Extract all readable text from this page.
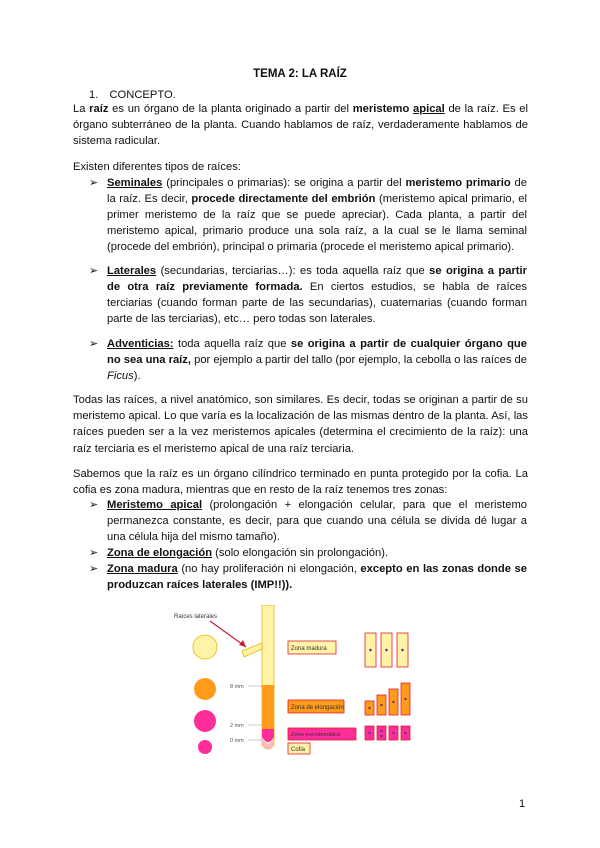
TEMA 2: LA RAÍZ
1. CONCEPTO.

La raíz es un órgano de la planta originado a partir del meristemo apical de la raíz. Es el órgano subterráneo de la planta. Cuando hablamos de raíz, verdaderamente hablamos de sistema radicular.

Existen diferentes tipos de raíces:

➢ Seminales (principales o primarias): se origina a partir del meristemo primario de la raíz. Es decir, procede directamente del embrión (meristemo apical primario, el primer meristemo de la raíz que se puede apreciar). Cada planta, a partir del meristemo apical, primario produce una sola raíz, a la cual se le llama seminal (procede del embrión), principal o primaria (procede el meristemo apical primario).

➢ Laterales (secundarias, terciarias…): es toda aquella raíz que se origina a partir de otra raíz previamente formada. En ciertos estudios, se habla de raíces terciarias (cuando forman parte de las secundarias), cuaternarias (cuando forman parte de las terciarias), etc… pero todas son laterales.

➢ Adventicias: toda aquella raíz que se origina a partir de cualquier órgano que no sea una raíz, por ejemplo a partir del tallo (por ejemplo, la cebolla o las raíces de Ficus).

Todas las raíces, a nivel anatómico, son similares. Es decir, todas se originan a partir de su meristemo apical. Lo que varía es la localización de las mismas dentro de la planta. Así, las raíces pueden ser a la vez meristemos apicales (determina el crecimiento de la raíz): una raíz terciaria es el meristemo apical de una raíz terciaria.

Sabemos que la raíz es un órgano cilíndrico terminado en punta protegido por la cofia. La cofia es zona madura, mientras que en resto de la raíz tenemos tres zonas:

➢ Meristemo apical (prolongación + elongación celular, para que el meristemo permanezca constante, es decir, para que cuando una célula se divida dé lugar a una célula hija del mismo tamaño).

➢ Zona de elongación (solo elongación sin prolongación).

➢ Zona madura (no hay proliferación ni elongación, excepto en las zonas donde se produzcan raíces laterales (IMP!!)).

Raíces laterales
8 mm
2 mm
0 mm
Zona madura
Zona de elongación
Zona meristemática
Cofia
1
